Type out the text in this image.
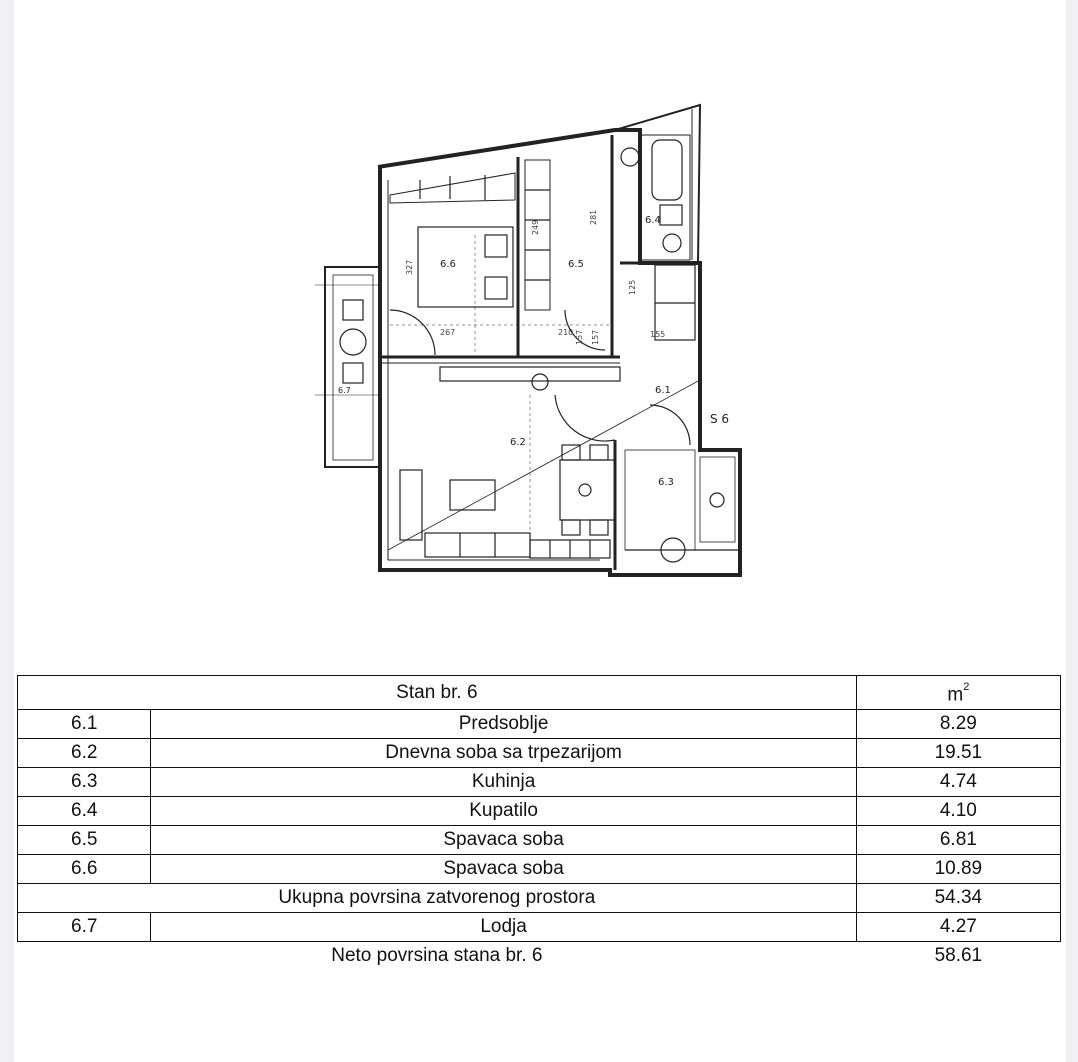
6.6	6.5
6.4
6.1
6.2
6.3
6.7
S 6
267	210 157 157	155
281
327
249
125
Stan br. 6		$m^2$
6.1	Predsoblje	8.29
6.2	Dnevna soba sa trpezarijom	19.51
6.3	Kuhinja	4.74
6.4	Kupatilo	4.10
6.5	Spavaca soba	6.81
6.6	Spavaca soba	10.89
Ukupna povrsina zatvorenog prostora		54.34
6.7	Lodja	4.27
Neto povrsina stana br. 6		58.61
